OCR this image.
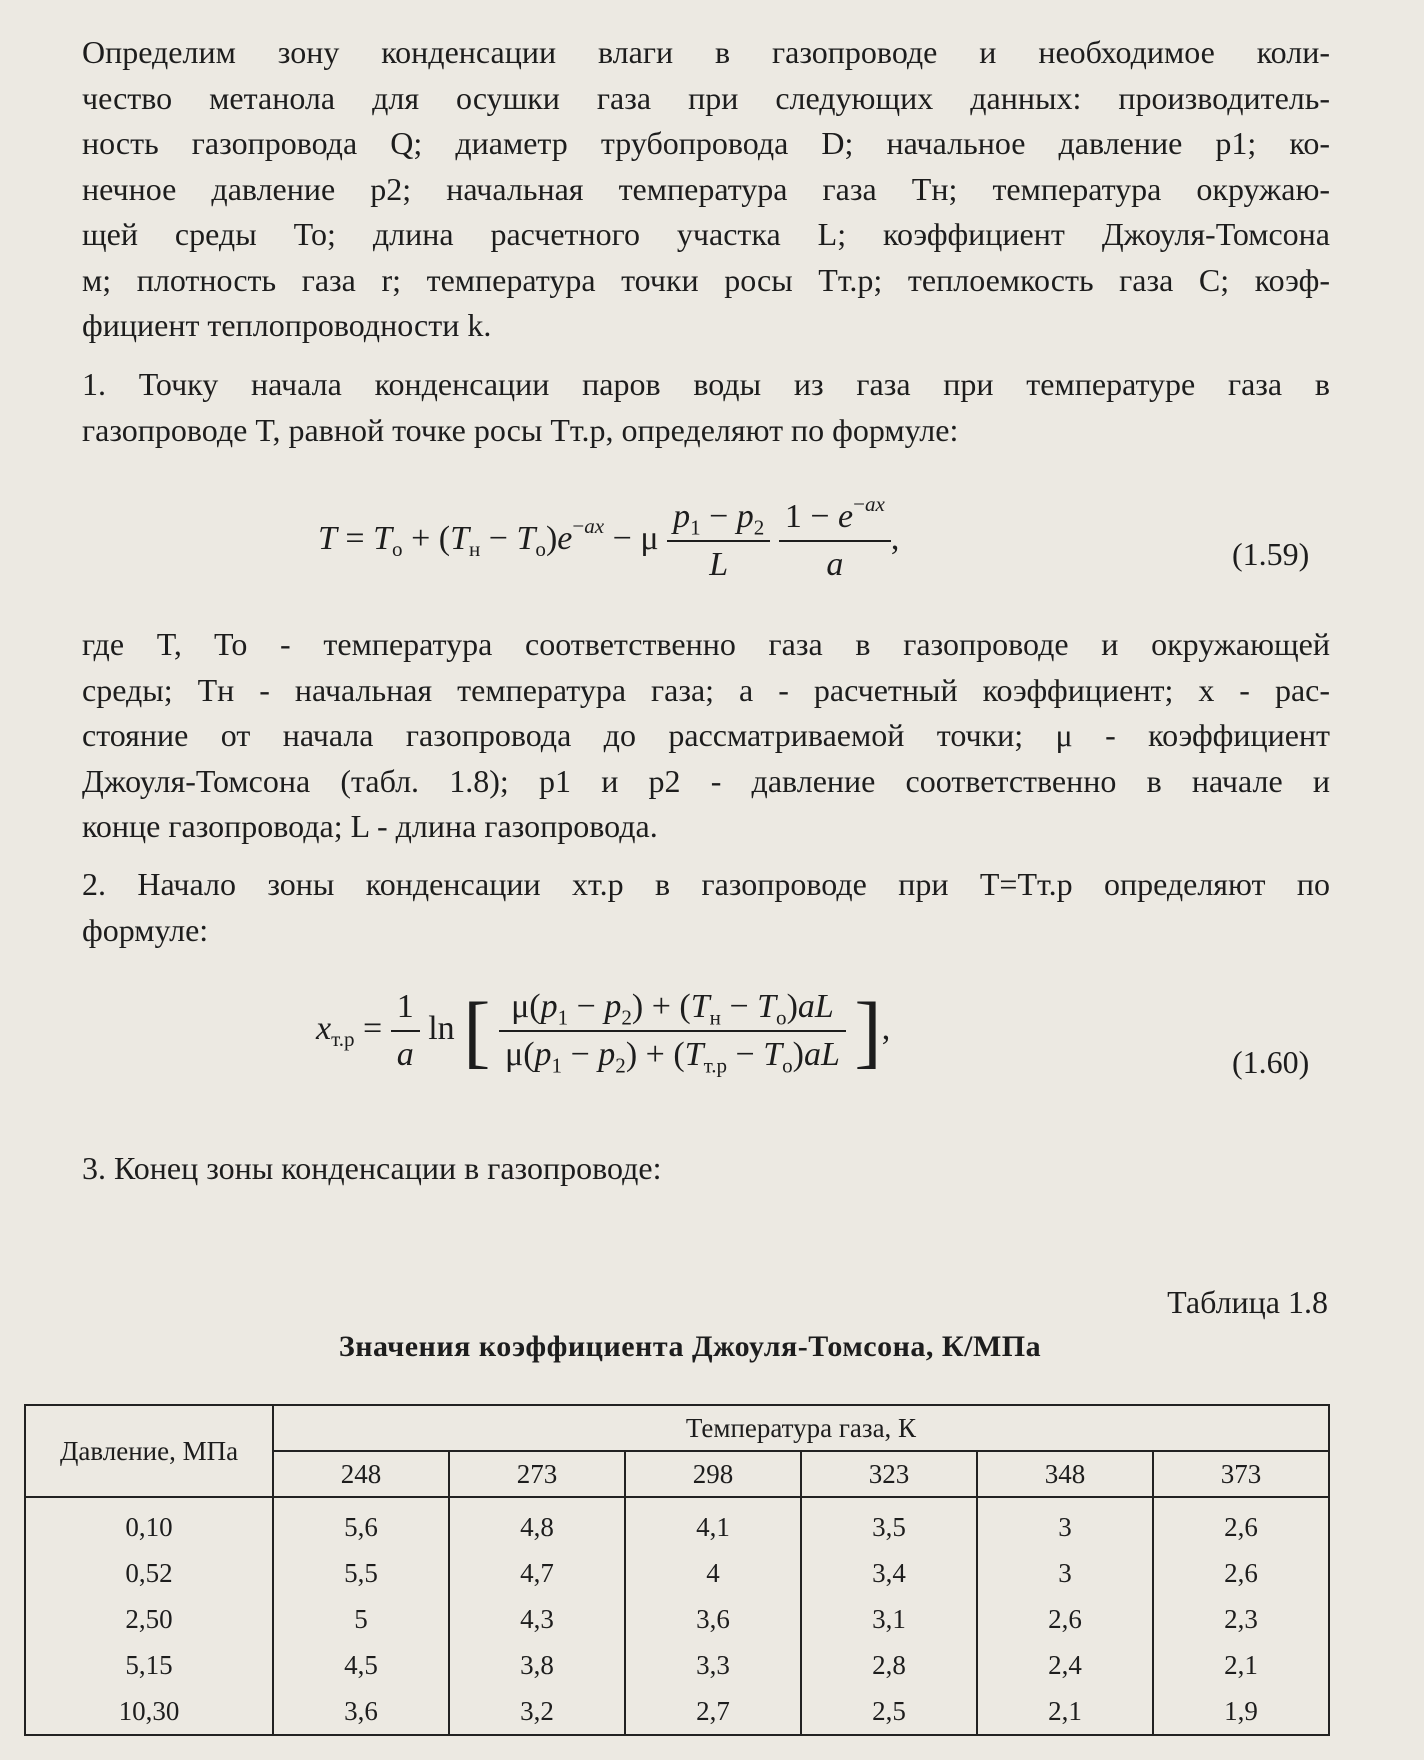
Определим зону конденсации влаги в газопроводе и необходимое коли-
чество метанола для осушки газа при следующих данных: производитель-
ность газопровода Q; диаметр трубопровода D; начальное давление p1; ко-
нечное давление p2; начальная температура газа Tн; температура окружаю-
щей среды To; длина расчетного участка L; коэффициент Джоуля-Томсона
м; плотность газа r; температура точки росы Tт.р; теплоемкость газа C; коэф-
фициент теплопроводности k.
1. Точку начала конденсации паров воды из газа при температуре газа в
газопроводе T, равной точке росы Tт.р, определяют по формуле:
$T = T_o + (T_н - T_o)e^{-ax} - \mu \frac{p_1 - p_2}{L}$
$\frac{1 - e^{-ax}}{a}$ ,	(1.59)
где T, To - температура соответственно газа в газопроводе и окружающей
среды; Tн - начальная температура газа; а - расчетный коэффициент; x - рас-
стояние от начала газопровода до рассматриваемой точки; μ - коэффициент
Джоуля-Томсона (табл. 1.8); p1 и p2 - давление соответственно в начале и
конце газопровода; L - длина газопровода.
2. Начало зоны конденсации xт.р в газопроводе при T=Tт.р определяют по
формуле:
$x_{т.р} = \frac{1}{a}$ ln [ $\frac{\mu(p_1 - p_2) + (T_н - T_o)aL}{\mu(p_1 - p_2) + (T_{т.р} - T_o)aL}$ ],
(1.60)
3. Конец зоны конденсации в газопроводе:
Таблица 1.8
Значения коэффициента Джоуля-Томсона, К/МПа
Давление, МПа	Температура газа, К					
	248	273	298	323	348	373
0,10	5,6	4,8	4,1	3,5	3	2,6
0,52	5,5	4,7	4	3,4	3	2,6
2,50	5	4,3	3,6	3,1	2,6	2,3
5,15	4,5	3,8	3,3	2,8	2,4	2,1
10,30	3,6	3,2	2,7	2,5	2,1	1,9
